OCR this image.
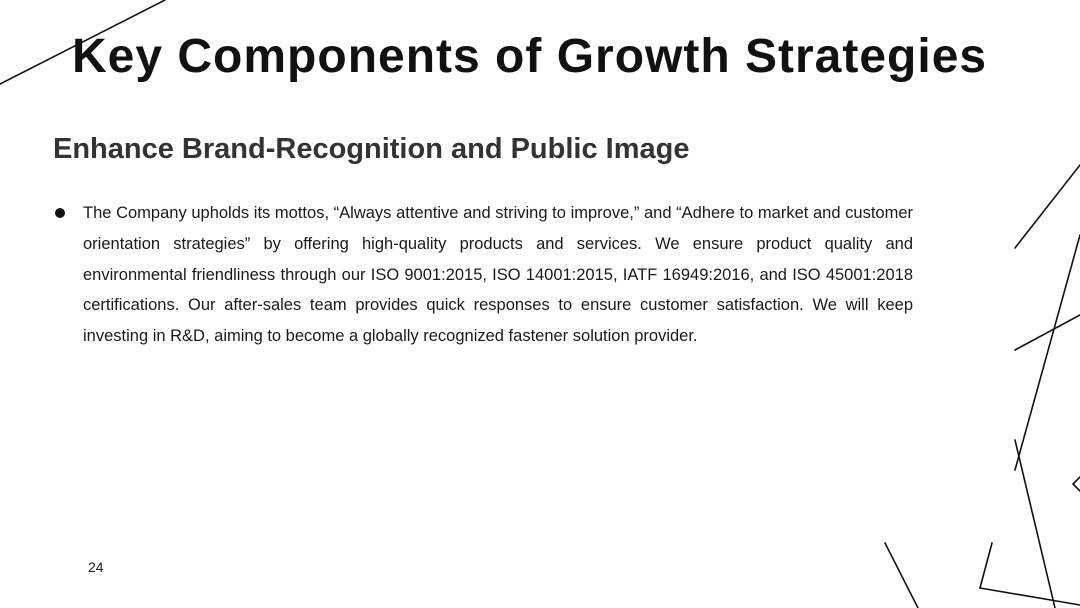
Key Components of Growth Strategies
Enhance Brand-Recognition and Public Image
The Company upholds its mottos, “Always attentive and striving to improve,” and “Adhere to market and customer orientation strategies” by offering high-quality products and services. We ensure product quality and environmental friendliness through our ISO 9001:2015, ISO 14001:2015, IATF 16949:2016, and ISO 45001:2018 certifications. Our after-sales team provides quick responses to ensure customer satisfaction. We will keep investing in R&D, aiming to become a globally recognized fastener solution provider.
24
